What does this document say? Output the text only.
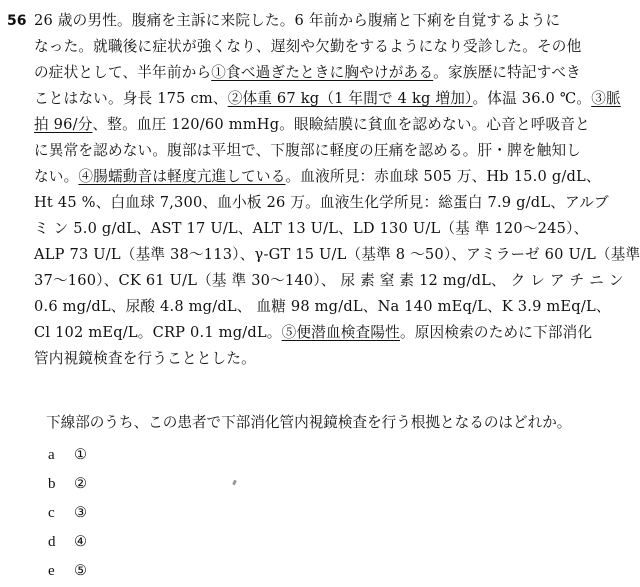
56 26 歳の男性。腹痛を主訴に来院した。6 年前から腹痛と下痢を自覚するように
なった。就職後に症状が強くなり、遅刻や欠勤をするようになり受診した。その他
の症状として、半年前から①食べ過ぎたときに胸やけがある。家族歴に特記すべき
ことはない。身長 175 cm、②体重 67 kg（1 年間で 4 kg 増加）。体温 36.0 ℃。③脈
拍 96/分、整。血圧 120/60 mmHg。眼瞼結膜に貧血を認めない。心音と呼吸音と
に異常を認めない。腹部は平坦で、下腹部に軽度の圧痛を認める。肝・脾を触知し
ない。④腸蠕動音は軽度亢進している。血液所見：赤血球 505 万、Hb 15.0 g/dL、
Ht 45 %、白血球 7,300、血小板 26 万。血液生化学所見：総蛋白 7.9 g/dL、アルブ
ミ ン 5.0 g/dL、AST 17 U/L、ALT 13 U/L、LD 130 U/L（基 準 120～245）、
ALP 73 U/L（基準 38～113）、γ-GT 15 U/L（基準 8 ～50）、アミラーゼ 60 U/L（基準
37～160）、CK 61 U/L（基 準 30～140）、 尿 素 窒 素 12 mg/dL、 ク レ ア チ ニ ン
0.6 mg/dL、尿酸 4.8 mg/dL、 血糖 98 mg/dL、Na 140 mEq/L、K 3.9 mEq/L、
Cl 102 mEq/L。CRP 0.1 mg/dL。⑤便潜血検査陽性。原因検索のために下部消化
管内視鏡検査を行うこととした。
下線部のうち、この患者で下部消化管内視鏡検査を行う根拠となるのはどれか。
a ①
b ②
c ③
d ④
e ⑤
